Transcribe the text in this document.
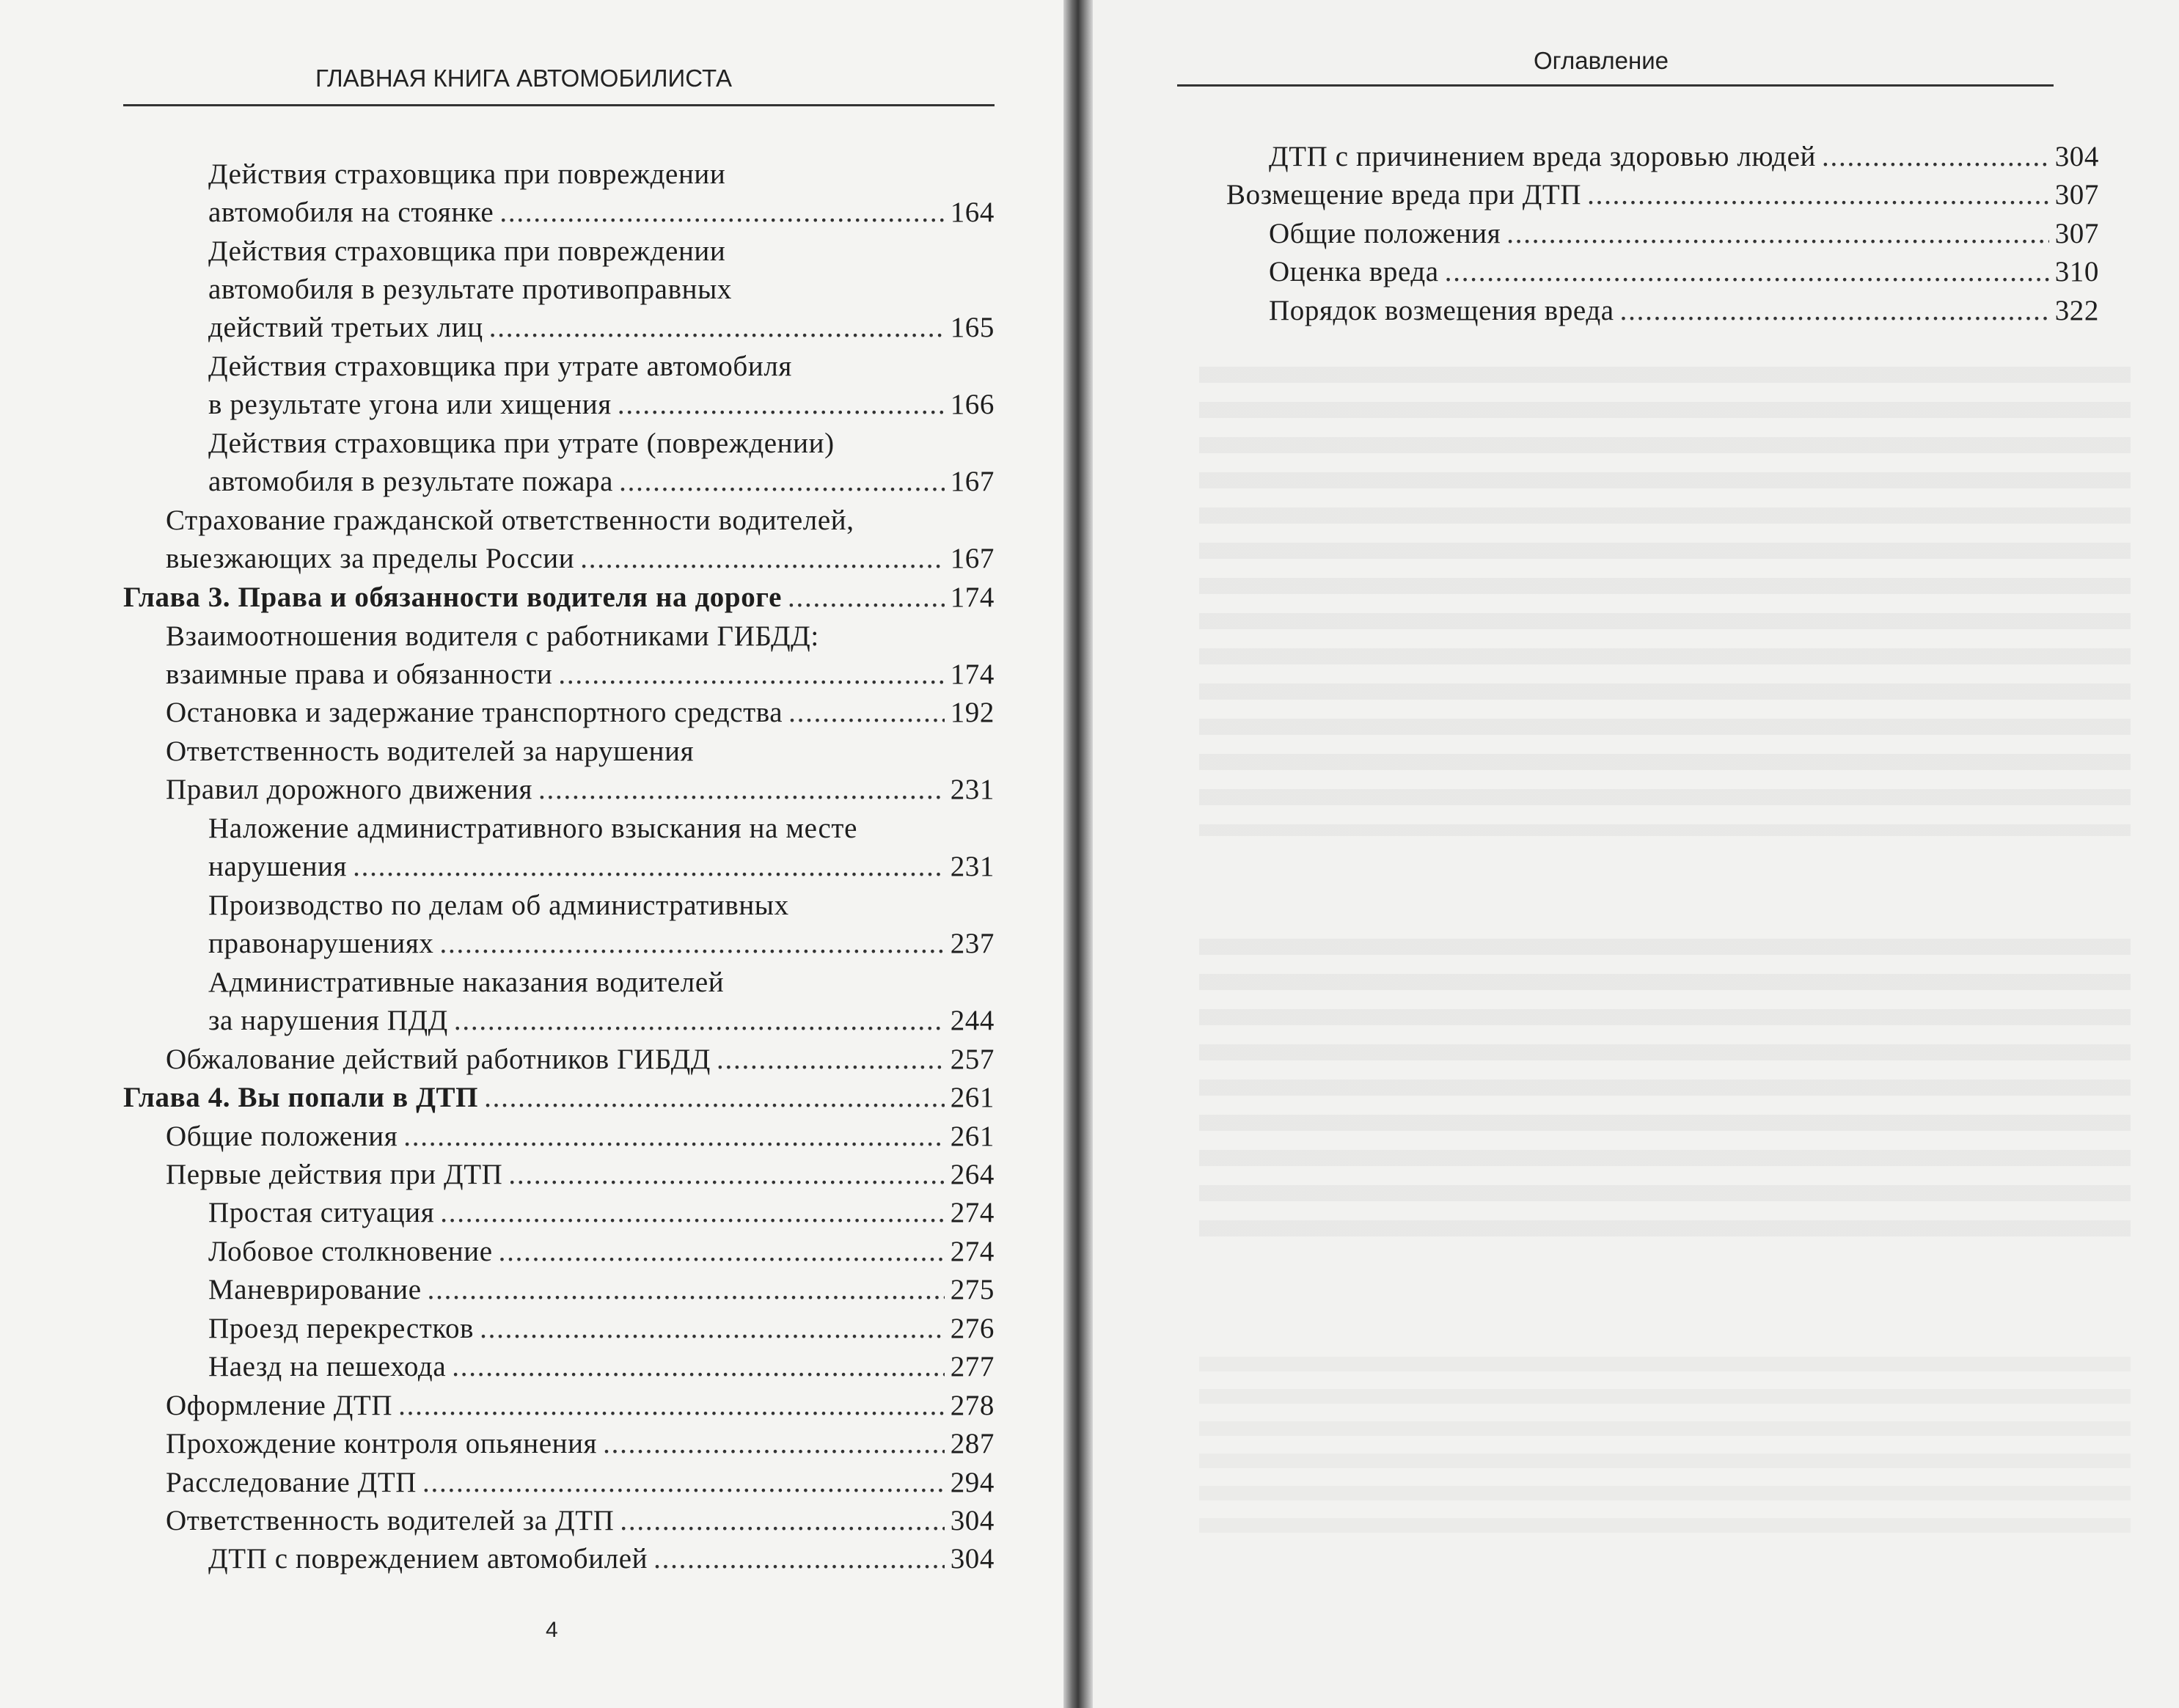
ГЛАВНАЯ КНИГА АВТОМОБИЛИСТА
Действия страховщика при повреждении
автомобиля на стоянке . . .	164
Действия страховщика при повреждении
автомобиля в результате противоправных
действий третьих лиц . . .	165
Действия страховщика при утрате автомобиля
в результате угона или хищения . . .	166
Действия страховщика при утрате (повреждении)
автомобиля в результате пожара . . .	167
Страхование гражданской ответственности водителей,
выезжающих за пределы России . . .	167
Глава 3. Права и обязанности водителя на дороге . . .	174
Взаимоотношения водителя с работниками ГИБДД:
взаимные права и обязанности . . .	174
Остановка и задержание транспортного средства . . .	192
Ответственность водителей за нарушения
Правил дорожного движения . . .	231
Наложение административного взыскания на месте
нарушения . . .	231
Производство по делам об административных
правонарушениях . . .	237
Административные наказания водителей
за нарушения ПДД . . .	244
Обжалование действий работников ГИБДД . . .	257
Глава 4. Вы попали в ДТП . . .	261
Общие положения . . .	261
Первые действия при ДТП . . .	264
Простая ситуация . . .	274
Лобовое столкновение . . .	274
Маневрирование . . .	275
Проезд перекрестков . . .	276
Наезд на пешехода . . .	277
Оформление ДТП . . .	278
Прохождение контроля опьянения . . .	287
Расследование ДТП . . .	294
Ответственность водителей за ДТП . . .	304
ДТП с повреждением автомобилей . . .	304
4
Оглавление
ДТП с причинением вреда здоровью людей . . .	304
Возмещение вреда при ДТП . . .	307
Общие положения . . .	307
Оценка вреда . . .	310
Порядок возмещения вреда . . .	322
